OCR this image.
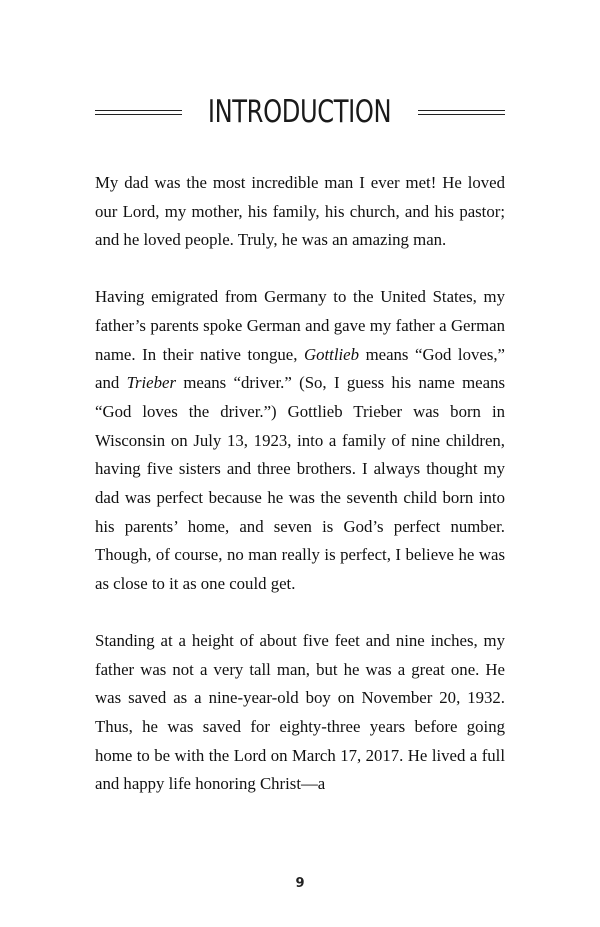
INTRODUCTION

My dad was the most incredible man I ever met! He loved our Lord, my mother, his family, his church, and his pastor; and he loved people. Truly, he was an amazing man.

Having emigrated from Germany to the United States, my father’s parents spoke German and gave my father a German name. In their native tongue, Gottlieb means “God loves,” and Trieber means “driver.” (So, I guess his name means “God loves the driver.”) Gottlieb Trieber was born in Wisconsin on July 13, 1923, into a family of nine children, having five sisters and three brothers. I always thought my dad was perfect because he was the seventh child born into his parents’ home, and seven is God’s perfect number. Though, of course, no man really is perfect, I believe he was as close to it as one could get.

Standing at a height of about five feet and nine inches, my father was not a very tall man, but he was a great one. He was saved as a nine-year-old boy on November 20, 1932. Thus, he was saved for eighty-three years before going home to be with the Lord on March 17, 2017. He lived a full and happy life honoring Christ—a

9
